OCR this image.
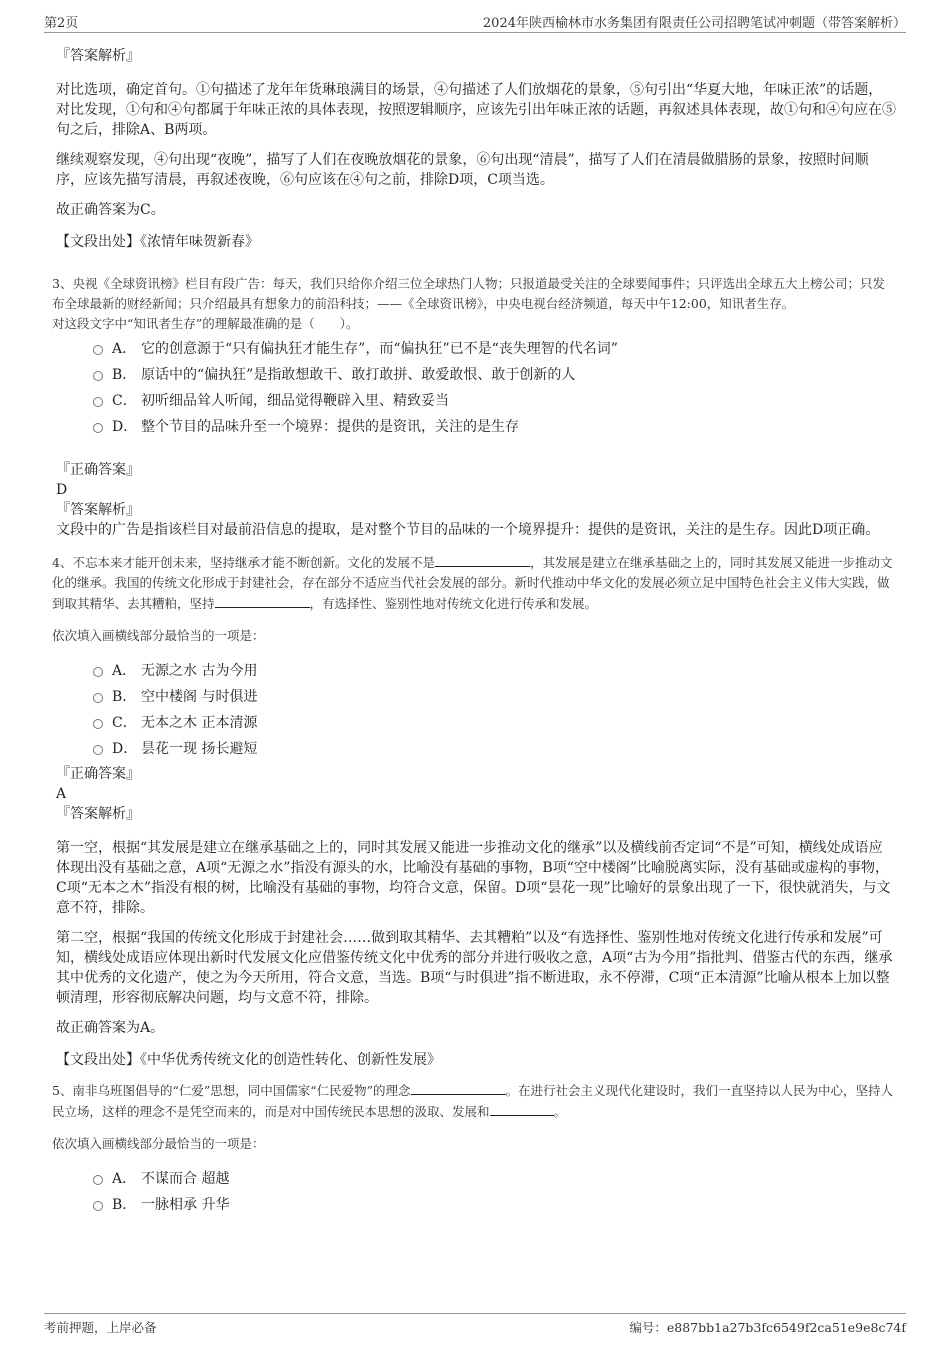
第2页	2024年陕西榆林市水务集团有限责任公司招聘笔试冲刺题（带答案解析）
『答案解析』

对比选项，确定首句。①句描述了龙年年货琳琅满目的场景，④句描述了人们放烟花的景象，⑤句引出“华夏大地，年味正浓”的话题，对比发现，①句和④句都属于年味正浓的具体表现，按照逻辑顺序，应该先引出年味正浓的话题，再叙述具体表现，故①句和④句应在⑤句之后，排除A、B两项。

继续观察发现，④句出现“夜晚”，描写了人们在夜晚放烟花的景象，⑥句出现“清晨”，描写了人们在清晨做腊肠的景象，按照时间顺序，应该先描写清晨，再叙述夜晚，⑥句应该在④句之前，排除D项，C项当选。

故正确答案为C。

【文段出处】《浓情年味贺新春》

3、央视《全球资讯榜》栏目有段广告：每天，我们只给你介绍三位全球热门人物；只报道最受关注的全球要闻事件；只评选出全球五大上榜公司；只发布全球最新的财经新闻；只介绍最具有想象力的前沿科技；——《全球资讯榜》，中央电视台经济频道，每天中午12:00，知讯者生存。

对这段文字中“知讯者生存”的理解最准确的是（　　）。

A． 它的创意源于“只有偏执狂才能生存”，而“偏执狂”已不是“丧失理智的代名词”
B． 原话中的“偏执狂”是指敢想敢干、敢打敢拼、敢爱敢恨、敢于创新的人
C． 初听细品耸人听闻，细品觉得鞭辟入里、精致妥当
D． 整个节目的品味升至一个境界：提供的是资讯，关注的是生存
『正确答案』
D
『答案解析』

文段中的广告是指该栏目对最前沿信息的提取，是对整个节目的品味的一个境界提升：提供的是资讯，关注的是生存。因此D项正确。

4、不忘本来才能开创未来，坚持继承才能不断创新。文化的发展不是	，其发展是建立在继承基础之上的，同时其发展又能进一步推动文化的继承。我国的传统文化形成于封建社会，存在部分不适应当代社会发展的部分。新时代推动中华文化的发展必须立足中国特色社会主义伟大实践，做到取其精华、去其糟粕，坚持	，有选择性、鉴别性地对传统文化进行传承和发展。

依次填入画横线部分最恰当的一项是：

A． 无源之水 古为今用
B． 空中楼阁 与时俱进
C． 无本之木 正本清源
D． 昙花一现 扬长避短
『正确答案』
A
『答案解析』

第一空，根据“其发展是建立在继承基础之上的，同时其发展又能进一步推动文化的继承”以及横线前否定词“不是”可知，横线处成语应体现出没有基础之意，A项“无源之水”指没有源头的水，比喻没有基础的事物，B项“空中楼阁”比喻脱离实际，没有基础或虚构的事物，C项“无本之木”指没有根的树，比喻没有基础的事物，均符合文意，保留。D项“昙花一现”比喻好的景象出现了一下，很快就消失，与文意不符，排除。

第二空，根据“我国的传统文化形成于封建社会……做到取其精华、去其糟粕”以及“有选择性、鉴别性地对传统文化进行传承和发展”可知，横线处成语应体现出新时代发展文化应借鉴传统文化中优秀的部分并进行吸收之意，A项“古为今用”指批判、借鉴古代的东西，继承其中优秀的文化遗产，使之为今天所用，符合文意，当选。B项“与时俱进”指不断进取，永不停滞，C项“正本清源”比喻从根本上加以整顿清理，形容彻底解决问题，均与文意不符，排除。

故正确答案为A。

【文段出处】《中华优秀传统文化的创造性转化、创新性发展》

5、南非乌班图倡导的“仁爱”思想，同中国儒家“仁民爱物”的理念	。在进行社会主义现代化建设时，我们一直坚持以人民为中心，坚持人民立场，这样的理念不是凭空而来的，而是对中国传统民本思想的汲取、发展和	。

依次填入画横线部分最恰当的一项是：

A． 不谋而合 超越
B． 一脉相承 升华
考前押题，上岸必备	编号：e887bb1a27b3fc6549f2ca51e9e8c74f
